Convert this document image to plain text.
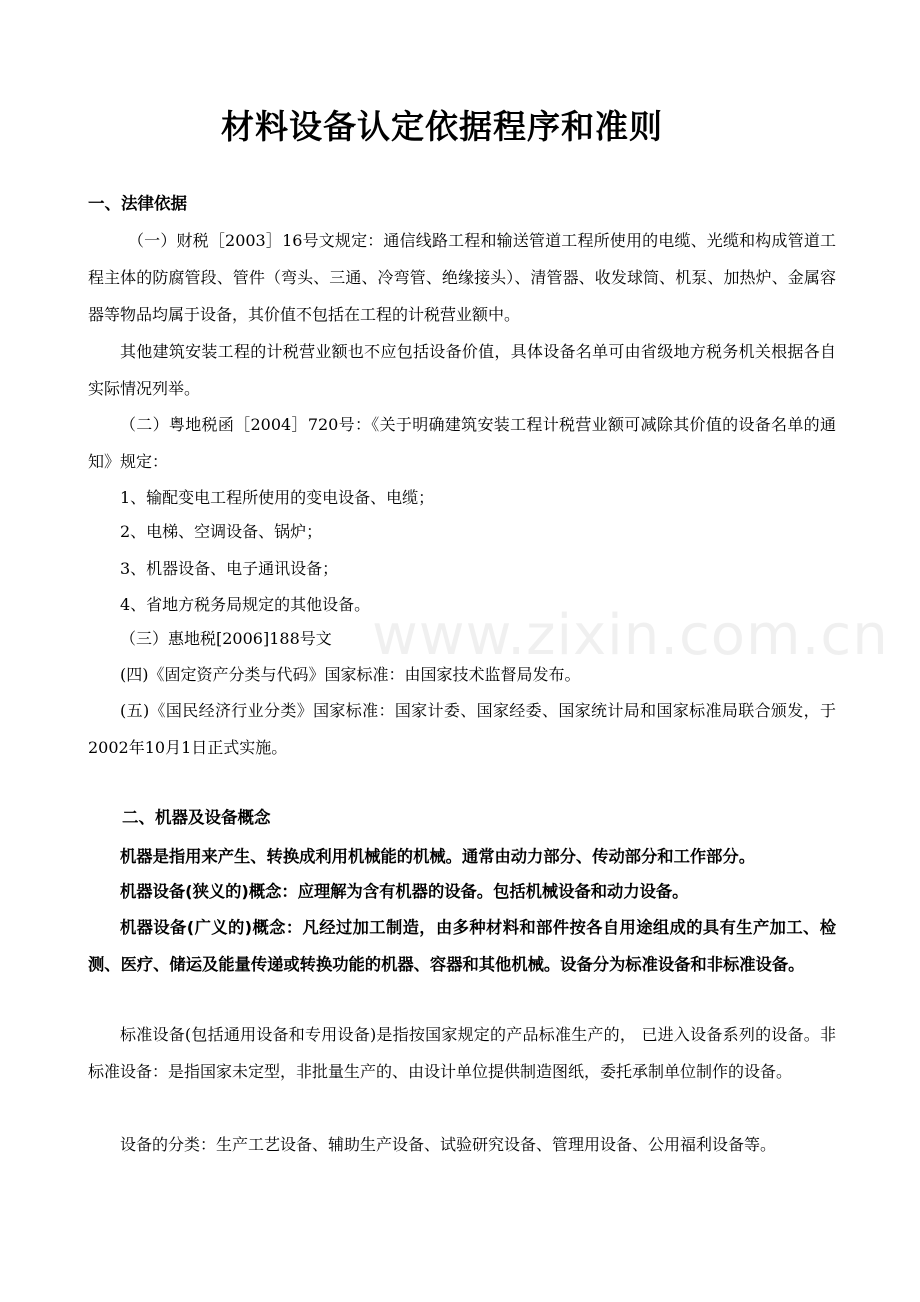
www.zixin.com.cn
材料设备认定依据程序和准则
一、法律依据

（一）财税［2003］16号文规定：通信线路工程和输送管道工程所使用的电缆、光缆和构成管道工程主体的防腐管段、管件（弯头、三通、冷弯管、绝缘接头）、清管器、收发球筒、机泵、加热炉、金属容器等物品均属于设备，其价值不包括在工程的计税营业额中。

其他建筑安装工程的计税营业额也不应包括设备价值，具体设备名单可由省级地方税务机关根据各自实际情况列举。

（二）粤地税函［2004］720号：《关于明确建筑安装工程计税营业额可减除其价值的设备名单的通知》规定：

1、输配变电工程所使用的变电设备、电缆；

2、电梯、空调设备、锅炉；

3、机器设备、电子通讯设备；

4、省地方税务局规定的其他设备。

（三）惠地税[2006]188号文

(四)《固定资产分类与代码》国家标准：由国家技术监督局发布。

(五)《国民经济行业分类》国家标准：国家计委、国家经委、国家统计局和国家标准局联合颁发，于2002年10月1日正式实施。

二、机器及设备概念

机器是指用来产生、转换成利用机械能的机械。通常由动力部分、传动部分和工作部分。

机器设备(狭义的)概念：应理解为含有机器的设备。包括机械设备和动力设备。

机器设备(广义的)概念：凡经过加工制造，由多种材料和部件按各自用途组成的具有生产加工、检测、医疗、储运及能量传递或转换功能的机器、容器和其他机械。设备分为标准设备和非标准设备。

标准设备(包括通用设备和专用设备)是指按国家规定的产品标准生产的， 已进入设备系列的设备。非标准设备：是指国家未定型，非批量生产的、由设计单位提供制造图纸，委托承制单位制作的设备。

设备的分类：生产工艺设备、辅助生产设备、试验研究设备、管理用设备、公用福利设备等。
